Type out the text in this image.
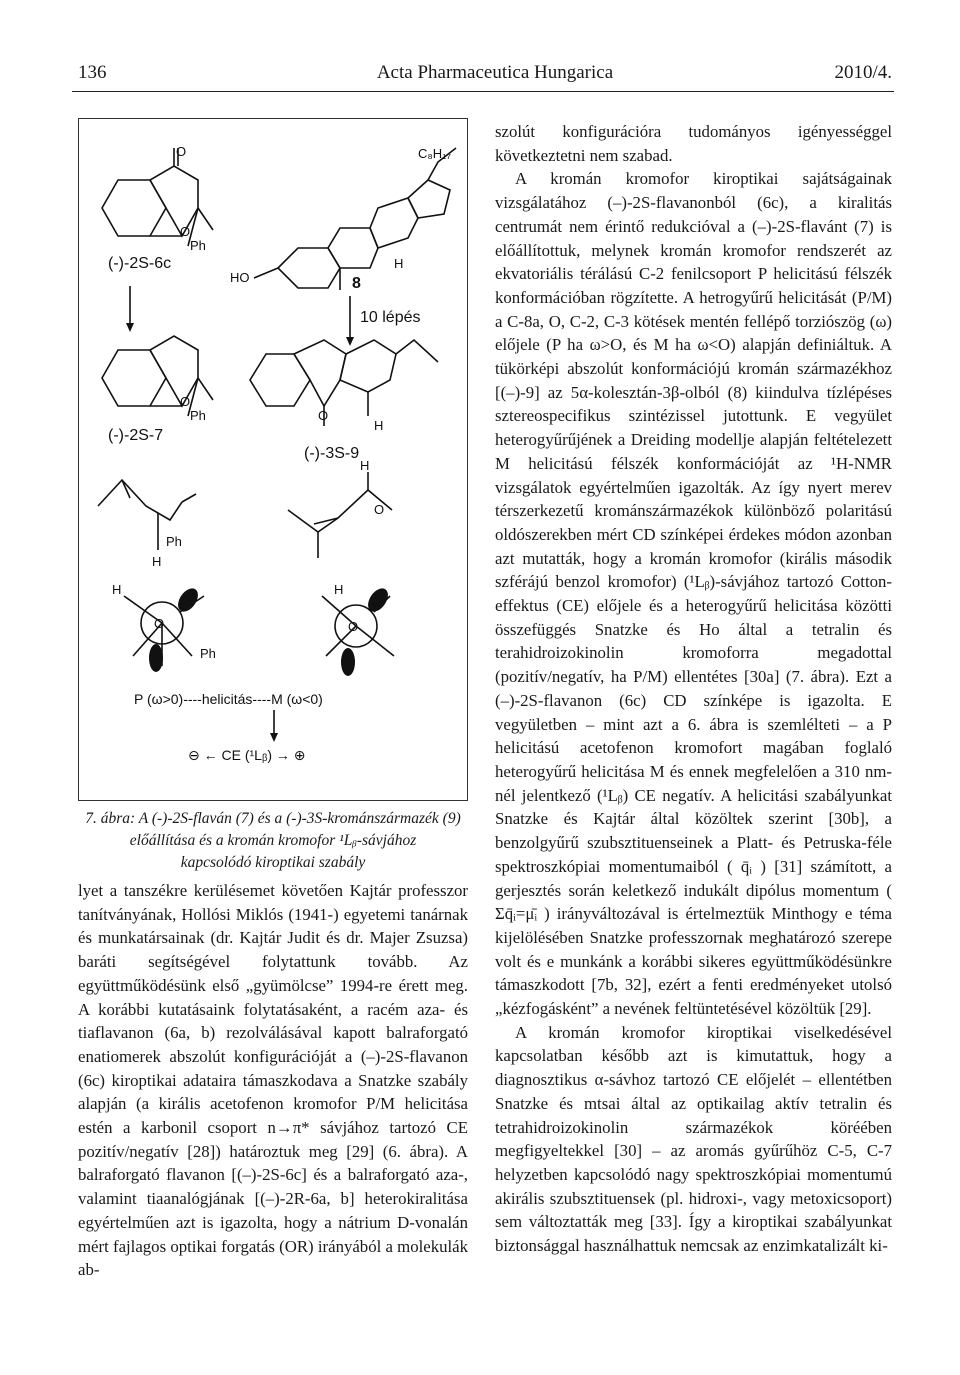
136	Acta Pharmaceutica Hungarica	2010/4.
(-)-2S-6c
(-)-2S-7
(-)-3S-9
8
10 lépés
C₈H₁₇
HO
Ph
Ph
Ph
Ph
O
O
O
O
O	O
O
H	H
H
H
H
H
P (ω>0)----helicitás----M (ω<0)
⊖ ← CE (¹Lᵦ) → ⊕
7. ábra: A (-)-2S-flaván (7) és a (-)-3S-krománszármazék (9)
előállítása és a kromán kromofor ¹Lᵦ-sávjához
kapcsolódó kiroptikai szabály

lyet a tanszékre kerülésemet követően Kajtár professzor tanítványának, Hollósi Miklós (1941-) egyetemi tanárnak és munkatársainak (dr. Kajtár Judit és dr. Majer Zsuzsa) baráti segítségével folytattunk tovább. Az együttműködésünk első „gyümölcse” 1994-re érett meg. A korábbi kutatásaink folytatásaként, a racém aza- és tiaflavanon (6a, b) rezolválásával kapott balraforgató enatiomerek abszolút konfigurációját a (–)-2S-flavanon (6c) kiroptikai adataira támaszkodava a Snatzke szabály alapján (a királis acetofenon kromofor P/M helicitása estén a karbonil csoport n→π* sávjához tartozó CE pozitív/negatív [28]) határoztuk meg [29] (6. ábra). A balraforgató flavanon [(–)-2S-6c] és a balraforgató aza-, valamint tiaanalógjának [(–)-2R-6a, b] heterokiralitása egyértelműen azt is igazolta, hogy a nátrium D-vonalán mért fajlagos optikai forgatás (OR) irányából a molekulák ab-

szolút konfigurációra tudományos igényességgel következtetni nem szabad.

A kromán kromofor kiroptikai sajátságainak vizsgálatához (–)-2S-flavanonból (6c), a kiralitás centrumát nem érintő redukcióval a (–)-2S-flavánt (7) is előállítottuk, melynek kromán kromofor rendszerét az ekvatoriális térálású C-2 fenilcsoport P helicitású félszék konformációban rögzítette. A hetrogyűrű helicitását (P/M) a C-8a, O, C-2, C-3 kötések mentén fellépő torziószög (ω) előjele (P ha ω>O, és M ha ω<O) alapján definiáltuk. A tükörképi abszolút konformációjú kromán származékhoz [(–)-9] az 5α-kolesztán-3β-olból (8) kiindulva tízlépéses sztereospecifikus szintézissel jutottunk. E vegyület heterogyűrűjének a Dreiding modellje alapján feltételezett M helicitású félszék konformációját az ¹H-NMR vizsgálatok egyértelműen igazolták. Az így nyert merev térszerkezetű krománszármazékok különböző polaritású oldószerekben mért CD színképei érdekes módon azonban azt mutatták, hogy a kromán kromofor (királis második szférájú benzol kromofor) (¹Lᵦ)-sávjához tartozó Cotton-effektus (CE) előjele és a heterogyűrű helicitása közötti összefüggés Snatzke és Ho által a tetralin és terahidroizokinolin kromoforra megadottal (pozitív/negatív, ha P/M) ellentétes [30a] (7. ábra). Ezt a (–)-2S-flavanon (6c) CD színképe is igazolta. E vegyületben – mint azt a 6. ábra is szemlélteti – a P helicitású acetofenon kromofort magában foglaló heterogyűrű helicitása M és ennek megfelelően a 310 nm-nél jelentkező (¹Lᵦ) CE negatív. A helicitási szabályunkat Snatzke és Kajtár által közöltek szerint [30b], a benzolgyűrű szubsztituenseinek a Platt- és Petruska-féle spektroszkópiai momentumaiból ( q̄ᵢ ) [31] számított, a gerjesztés során keletkező indukált dipólus momentum ( Σq̄ᵢ=μ̄ᵢ ) irányváltozával is értelmeztük Minthogy e téma kijelölésében Snatzke professzornak meghatározó szerepe volt és e munkánk a korábbi sikeres együttműködésünkre támaszkodott [7b, 32], ezért a fenti eredményeket utolsó „kézfogásként” a nevének feltüntetésével közöltük [29].

A kromán kromofor kiroptikai viselkedésével kapcsolatban később azt is kimutattuk, hogy a diagnosztikus α-sávhoz tartozó CE előjelét – ellentétben Snatzke és mtsai által az optikailag aktív tetralin és tetrahidroizokinolin származékok köréében megfigyeltekkel [30] – az aromás gyűrűhöz C-5, C-7 helyzetben kapcsolódó nagy spektroszkópiai momentumú akirális szubsztituensek (pl. hidroxi-, vagy metoxicsoport) sem változtatták meg [33]. Így a kiroptikai szabályunkat biztonsággal használhattuk nemcsak az enzimkatalizált ki-
